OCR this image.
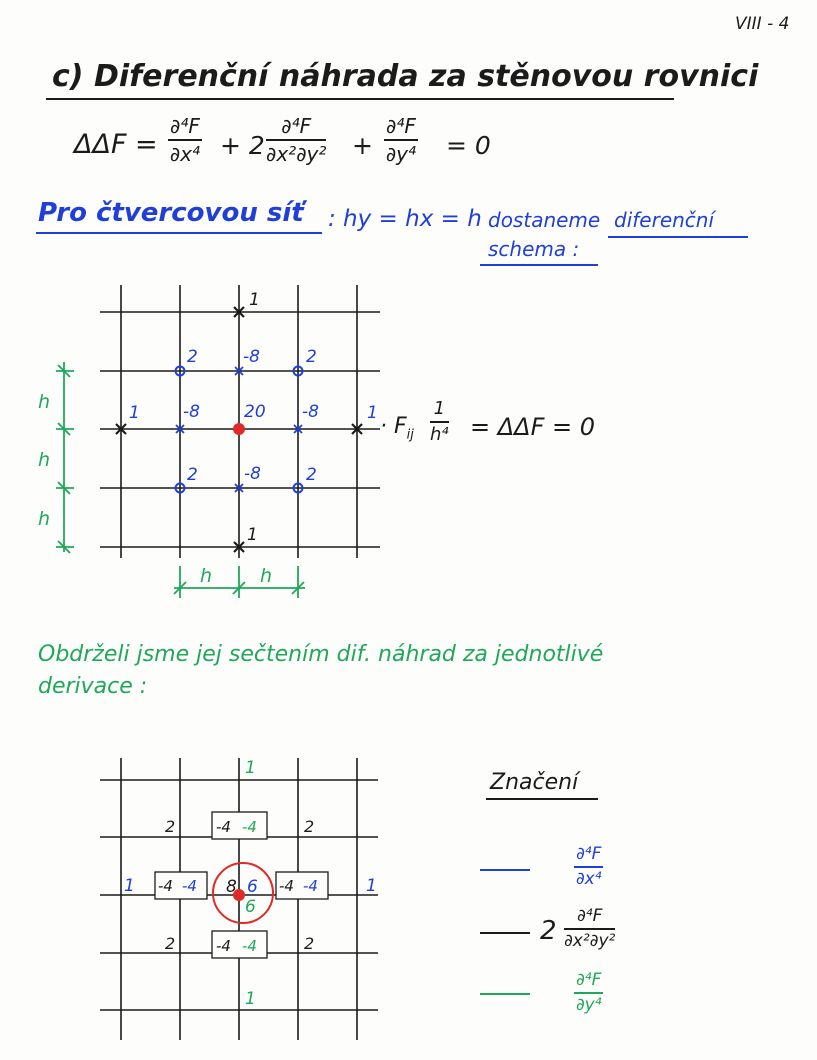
VIII - 4
c) Diferenční náhrada za stěnovou rovnici
$\Delta\Delta F = \frac{\text{∂⁴F}}{\text{∂x⁴}} + 2 \frac{\text{∂⁴F}}{\text{∂x²∂y²}} + \frac{\text{∂⁴F}}{\text{∂y⁴}} = 0$
Pro čtvercovou síť : hy = hx = h dostaneme diferenční
schema :
1
1
1	1
-8
-8
-8	-8
20
2	2
2	2
h
h
h
h	h
· $F_{ij} \frac{1}{\text{h⁴}} = \Delta\Delta F = 0$
Obdrželi jsme jej sečtením dif. náhrad za jednotlivé
derivace :
1
1
1	1
2	2
2	2
-4 -4
-4 -4
-4 -4	-4 -4
8 6
6
Značení
$\frac{\text{∂⁴F}}{\text{∂x⁴}}$
$2 \frac{\text{∂⁴F}}{\text{∂x²∂y²}}$
$\frac{\text{∂⁴F}}{\text{∂y⁴}}$
